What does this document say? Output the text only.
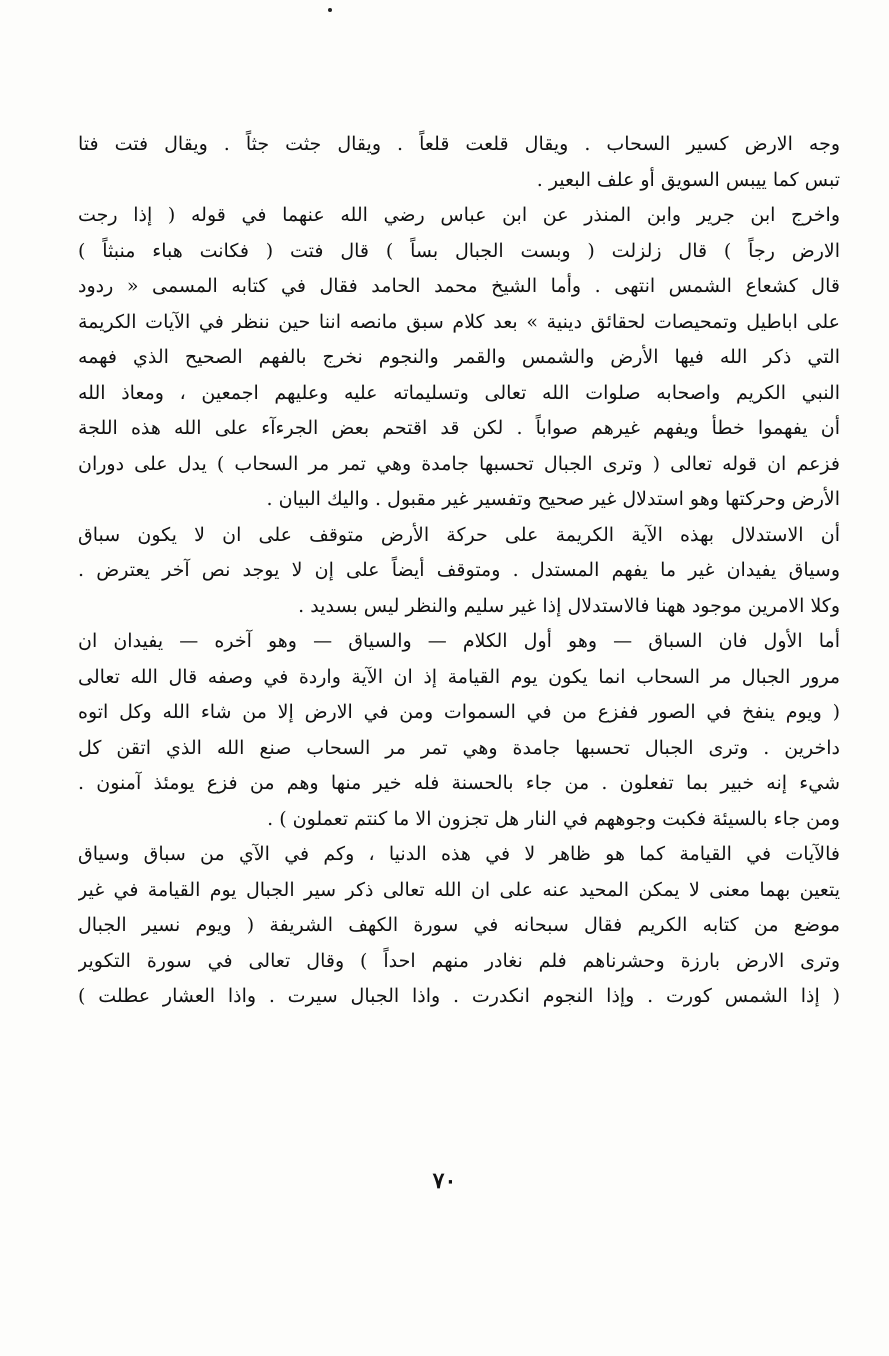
وجه الارض كسير السحاب . ويقال قلعت قلعاً . ويقال جثت جثاً . ويقال فتت فتا
تبس كما ييبس السويق أو علف البعير .
واخرج ابن جرير وابن المنذر عن ابن عباس رضي الله عنهما في قوله ( إذا رجت
الارض رجاً ) قال زلزلت ( وبست الجبال بساً ) قال فتت ( فكانت هباء منبثاً )
قال كشعاع الشمس انتهى . وأما الشيخ محمد الحامد فقال في كتابه المسمى « ردود
على اباطيل وتمحيصات لحقائق دينية » بعد كلام سبق مانصه اننا حين ننظر في الآيات الكريمة
التي ذكر الله فيها الأرض والشمس والقمر والنجوم نخرج بالفهم الصحيح الذي فهمه
النبي الكريم واصحابه صلوات الله تعالى وتسليماته عليه وعليهم اجمعين ، ومعاذ الله
أن يفهموا خطأ ويفهم غيرهم صواباً . لكن قد اقتحم بعض الجرءآء على الله هذه اللجة
فزعم ان قوله تعالى ( وترى الجبال تحسبها جامدة وهي تمر مر السحاب ) يدل على دوران
الأرض وحركتها وهو استدلال غير صحيح وتفسير غير مقبول . واليك البيان .
أن الاستدلال بهذه الآية الكريمة على حركة الأرض متوقف على ان لا يكون سباق
وسياق يفيدان غير ما يفهم المستدل . ومتوقف أيضاً على إن لا يوجد نص آخر يعترض .
وكلا الامرين موجود ههنا فالاستدلال إذا غير سليم والنظر ليس بسديد .
أما الأول فان السباق — وهو أول الكلام — والسياق — وهو آخره — يفيدان ان
مرور الجبال مر السحاب انما يكون يوم القيامة إذ ان الآية واردة في وصفه قال الله تعالى
( ويوم ينفخ في الصور ففزع من في السموات ومن في الارض إلا من شاء الله وكل اتوه
داخرين . وترى الجبال تحسبها جامدة وهي تمر مر السحاب صنع الله الذي اتقن كل
شيء إنه خبير بما تفعلون . من جاء بالحسنة فله خير منها وهم من فزع يومئذ آمنون .
ومن جاء بالسيئة فكبت وجوههم في النار هل تجزون الا ما كنتم تعملون ) .
فالآيات في القيامة كما هو ظاهر لا في هذه الدنيا ، وكم في الآي من سباق وسياق
يتعين بهما معنى لا يمكن المحيد عنه على ان الله تعالى ذكر سير الجبال يوم القيامة في غير
موضع من كتابه الكريم فقال سبحانه في سورة الكهف الشريفة ( ويوم نسير الجبال
وترى الارض بارزة وحشرناهم فلم نغادر منهم احداً ) وقال تعالى في سورة التكوير
( إذا الشمس كورت . وإذا النجوم انكدرت . واذا الجبال سيرت . واذا العشار عطلت )
٧٠
